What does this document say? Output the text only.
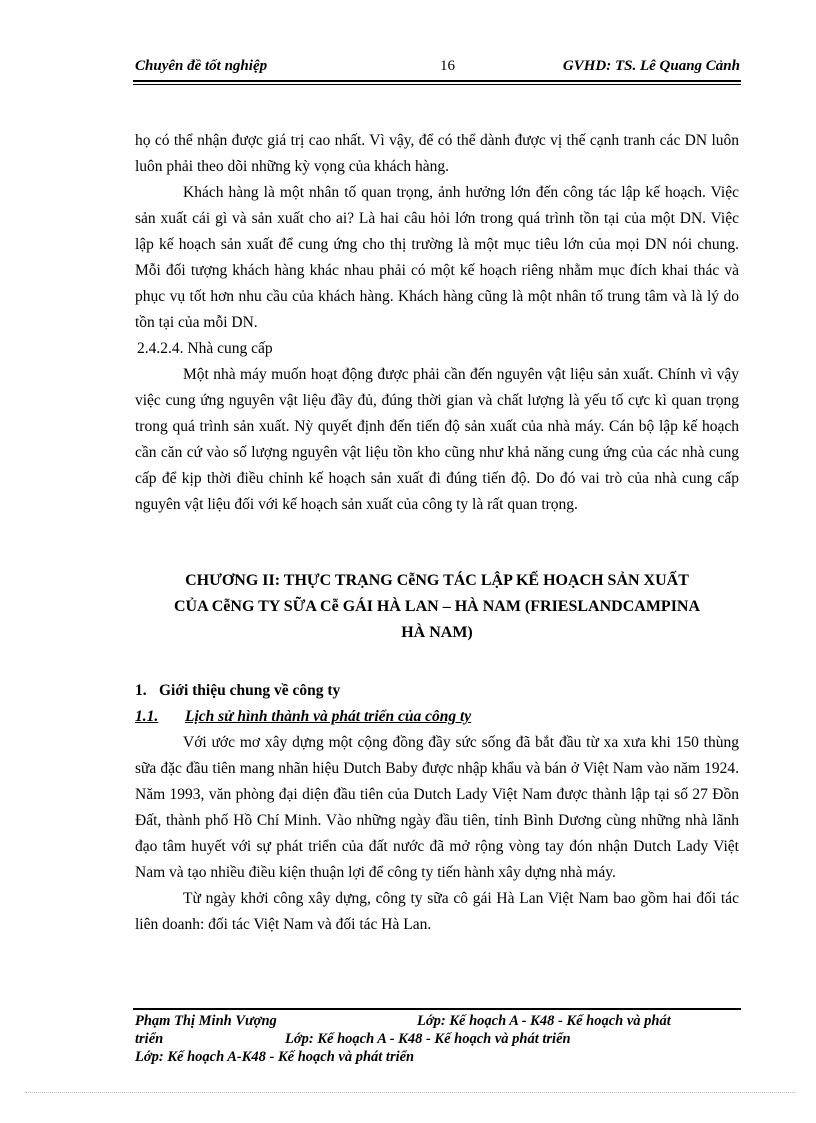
Chuyên đề tốt nghiệp	16	GVHD: TS. Lê Quang Cảnh

họ có thể nhận được giá trị cao nhất. Vì vậy, để có thể dành được vị thế cạnh tranh các DN luôn luôn phải theo dõi những kỳ vọng của khách hàng.

Khách hàng là một nhân tố quan trọng, ảnh hưởng lớn đến công tác lập kế hoạch. Việc sản xuất cái gì và sản xuất cho ai? Là hai câu hỏi lớn trong quá trình tồn tại của một DN. Việc lập kế hoạch sản xuất để cung ứng cho thị trường là một mục tiêu lớn của mọi DN nói chung. Mỗi đối tượng khách hàng khác nhau phải có một kế hoạch riêng nhằm mục đích khai thác và phục vụ tốt hơn nhu cầu của khách hàng. Khách hàng cũng là một nhân tố trung tâm và là lý do tồn tại của mỗi DN.

2.4.2.4. Nhà cung cấp

Một nhà máy muốn hoạt động được phải cần đến nguyên vật liệu sản xuất. Chính vì vậy việc cung ứng nguyên vật liệu đầy đủ, đúng thời gian và chất lượng là yếu tố cực kì quan trọng trong quá trình sản xuất. Nỳ quyết định đến tiến độ sản xuất của nhà máy. Cán bộ lập kế hoạch cần căn cứ vào số lượng nguyên vật liệu tồn kho cũng như khả năng cung ứng của các nhà cung cấp để kịp thời điều chỉnh kế hoạch sản xuất đi đúng tiến độ. Do đó vai trò của nhà cung cấp nguyên vật liệu đối với kế hoạch sản xuất của công ty là rất quan trọng.

CHƯƠNG II: THỰC TRẠNG CễNG TÁC LẬP KẾ HOẠCH SẢN XUẤT
CỦA CễNG TY SỮA Cễ GÁI HÀ LAN – HÀ NAM (FRIESLANDCAMPINA
HÀ NAM)
1. Giới thiệu chung về công ty
1.1. Lịch sử hình thành và phát triển của công ty

Với ước mơ xây dựng một cộng đồng đầy sức sống đã bắt đầu từ xa xưa khi 150 thùng sữa đặc đầu tiên mang nhãn hiệu Dutch Baby được nhập khẩu và bán ở Việt Nam vào năm 1924. Năm 1993, văn phòng đại diện đầu tiên của Dutch Lady Việt Nam được thành lập tại số 27 Đồn Đất, thành phố Hồ Chí Minh. Vào những ngày đầu tiên, tỉnh Bình Dương cùng những nhà lãnh đạo tâm huyết với sự phát triển của đất nước đã mở rộng vòng tay đón nhận Dutch Lady Việt Nam và tạo nhiều điều kiện thuận lợi để công ty tiến hành xây dựng nhà máy.

Từ ngày khởi công xây dựng, công ty sữa cô gái Hà Lan Việt Nam bao gồm hai đối tác liên doanh: đối tác Việt Nam và đối tác Hà Lan.

Phạm Thị Minh Vượng	Lớp: Kế hoạch A - K48 - Kế hoạch và phát
triển	Lớp: Kế hoạch A - K48 - Kế hoạch và phát triển
Lớp: Kế hoạch A-K48 - Kế hoạch và phát triển
